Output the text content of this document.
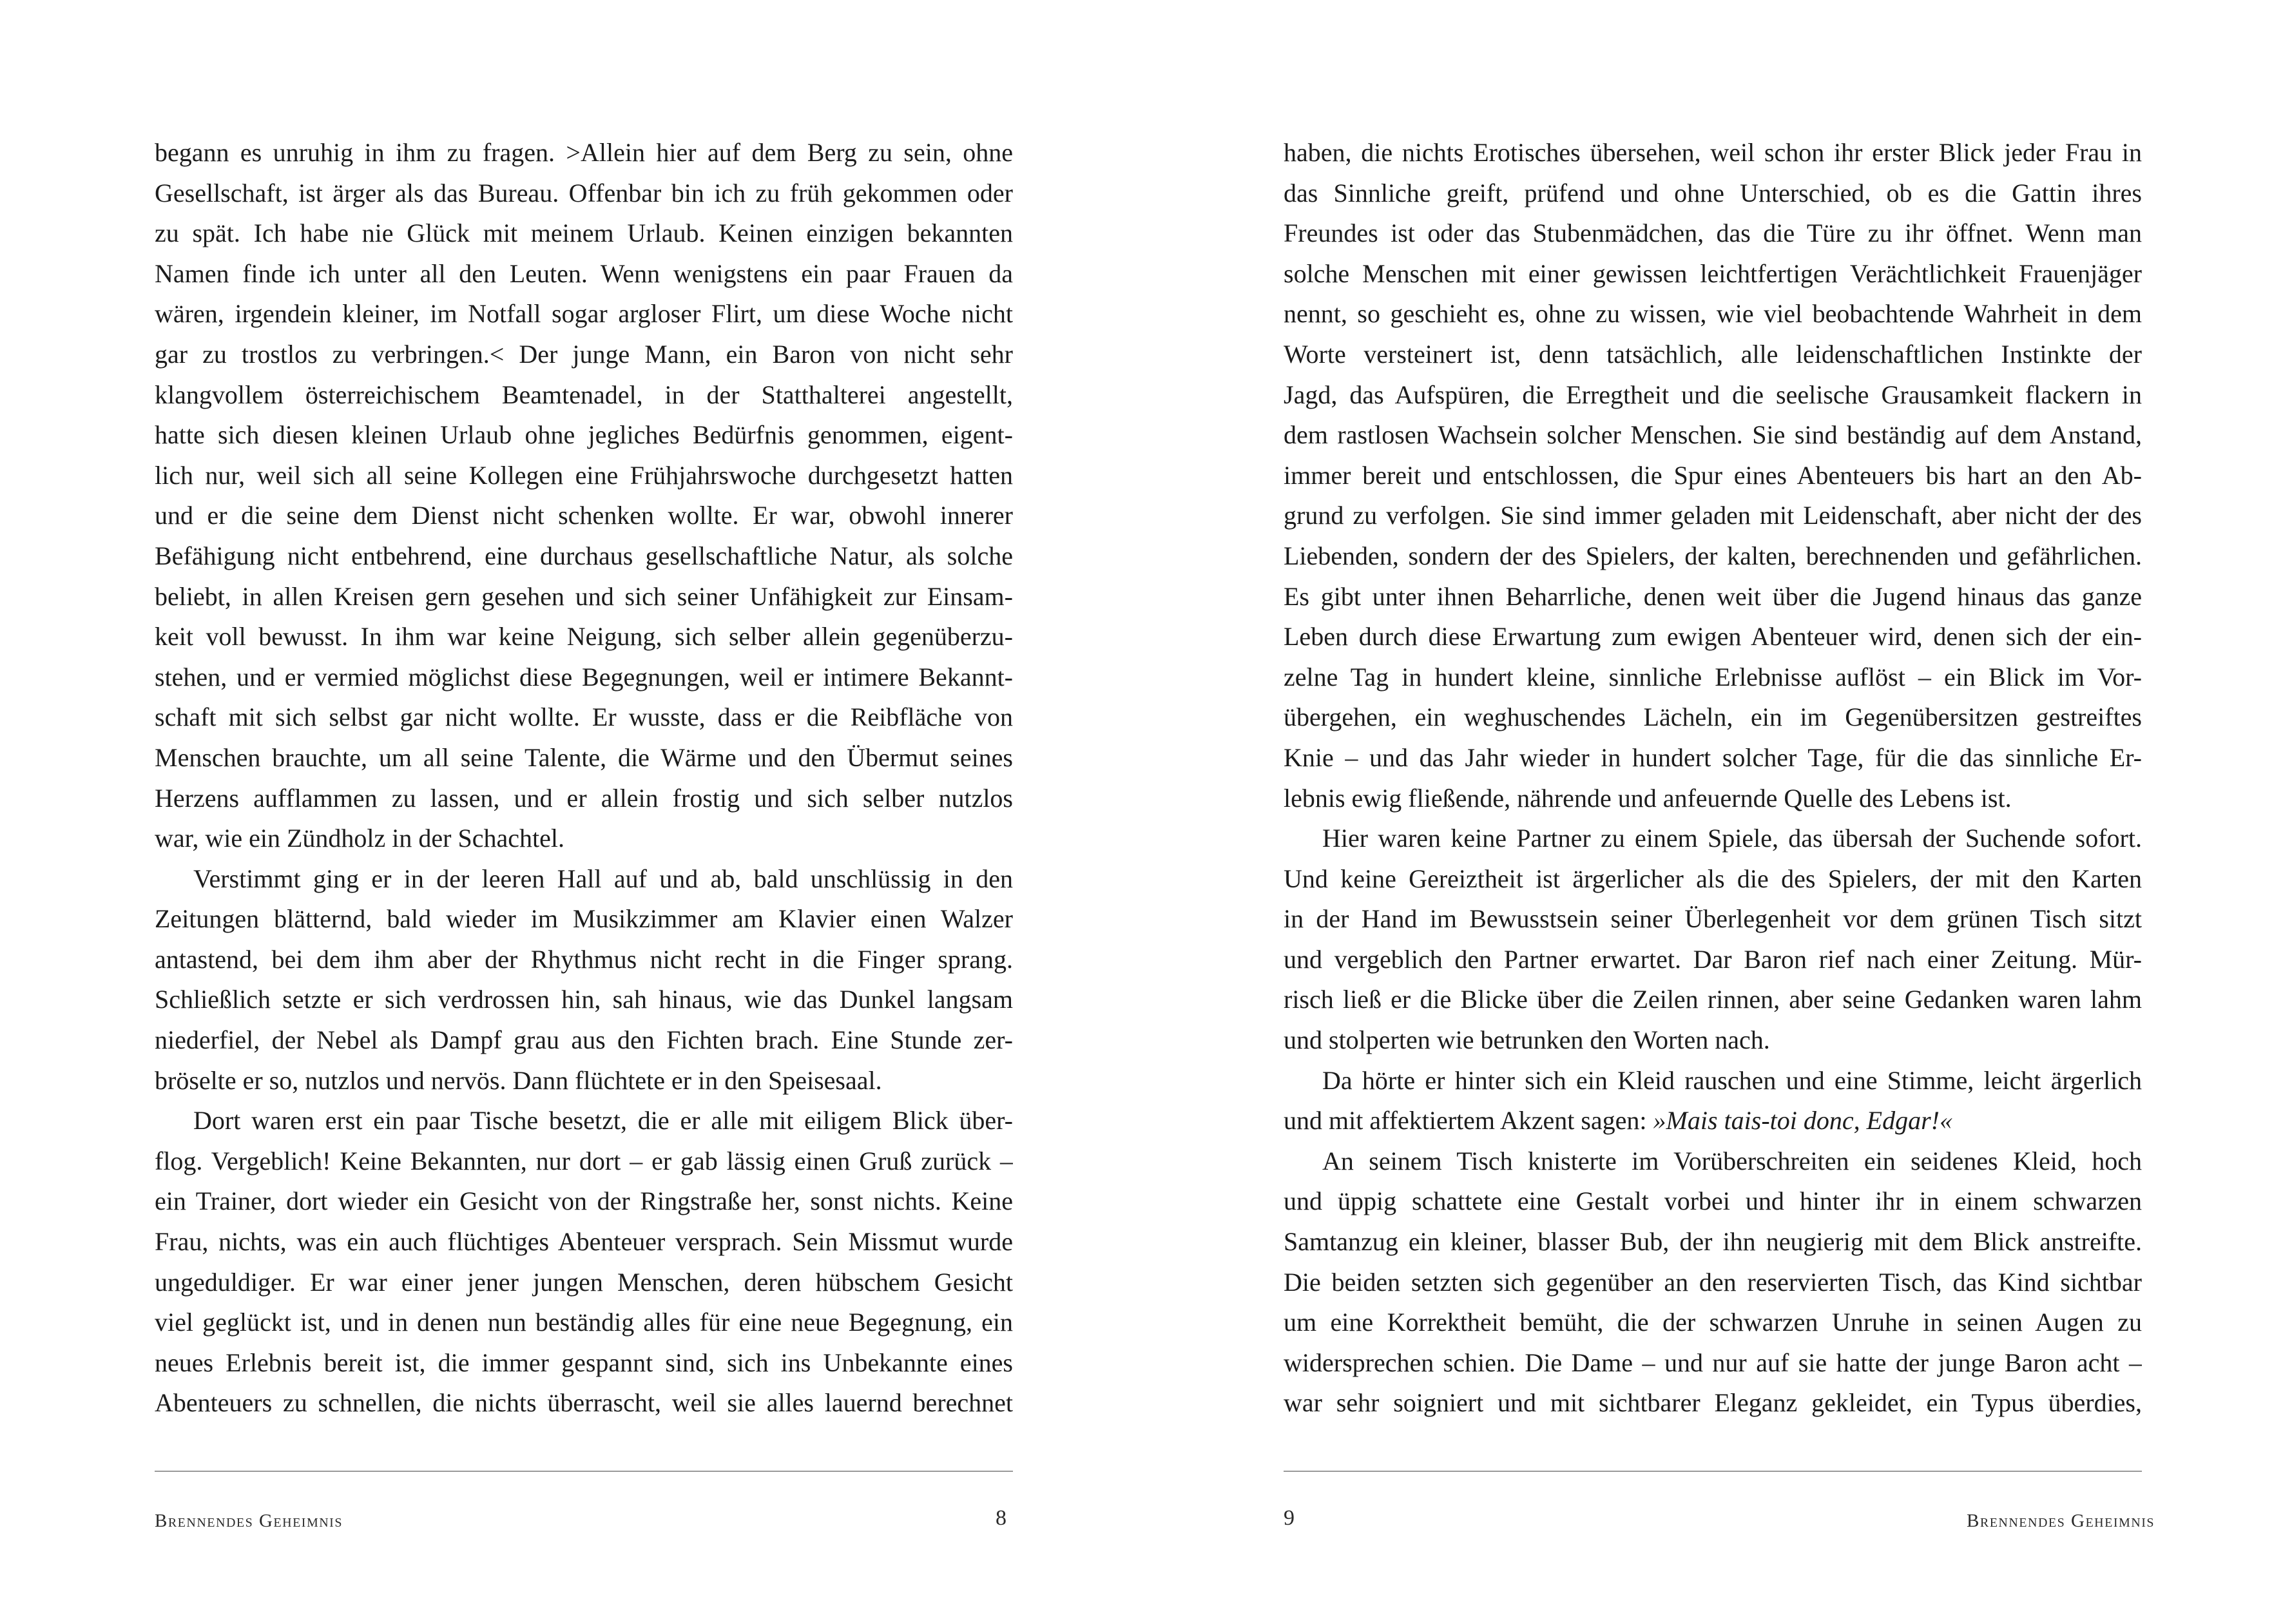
begann es unruhig in ihm zu fragen. >Allein hier auf dem Berg zu sein, ohne
Gesellschaft, ist ärger als das Bureau. Offenbar bin ich zu früh gekommen oder
zu spät. Ich habe nie Glück mit meinem Urlaub. Keinen einzigen bekannten
Namen finde ich unter all den Leuten. Wenn wenigstens ein paar Frauen da
wären, irgendein kleiner, im Notfall sogar argloser Flirt, um diese Woche nicht
gar zu trostlos zu verbringen.< Der junge Mann, ein Baron von nicht sehr
klangvollem österreichischem Beamtenadel, in der Statthalterei angestellt,
hatte sich diesen kleinen Urlaub ohne jegliches Bedürfnis genommen, eigent-
lich nur, weil sich all seine Kollegen eine Frühjahrswoche durchgesetzt hatten
und er die seine dem Dienst nicht schenken wollte. Er war, obwohl innerer
Befähigung nicht entbehrend, eine durchaus gesellschaftliche Natur, als solche
beliebt, in allen Kreisen gern gesehen und sich seiner Unfähigkeit zur Einsam-
keit voll bewusst. In ihm war keine Neigung, sich selber allein gegenüberzu-
stehen, und er vermied möglichst diese Begegnungen, weil er intimere Bekannt-
schaft mit sich selbst gar nicht wollte. Er wusste, dass er die Reibfläche von
Menschen brauchte, um all seine Talente, die Wärme und den Übermut seines
Herzens aufflammen zu lassen, und er allein frostig und sich selber nutzlos
war, wie ein Zündholz in der Schachtel.
Verstimmt ging er in der leeren Hall auf und ab, bald unschlüssig in den
Zeitungen blätternd, bald wieder im Musikzimmer am Klavier einen Walzer
antastend, bei dem ihm aber der Rhythmus nicht recht in die Finger sprang.
Schließlich setzte er sich verdrossen hin, sah hinaus, wie das Dunkel langsam
niederfiel, der Nebel als Dampf grau aus den Fichten brach. Eine Stunde zer-
bröselte er so, nutzlos und nervös. Dann flüchtete er in den Speisesaal.
Dort waren erst ein paar Tische besetzt, die er alle mit eiligem Blick über-
flog. Vergeblich! Keine Bekannten, nur dort – er gab lässig einen Gruß zurück –
ein Trainer, dort wieder ein Gesicht von der Ringstraße her, sonst nichts. Keine
Frau, nichts, was ein auch flüchtiges Abenteuer versprach. Sein Missmut wurde
ungeduldiger. Er war einer jener jungen Menschen, deren hübschem Gesicht
viel geglückt ist, und in denen nun beständig alles für eine neue Begegnung, ein
neues Erlebnis bereit ist, die immer gespannt sind, sich ins Unbekannte eines
Abenteuers zu schnellen, die nichts überrascht, weil sie alles lauernd berechnet
Brennendes Geheimnis	8
haben, die nichts Erotisches übersehen, weil schon ihr erster Blick jeder Frau in
das Sinnliche greift, prüfend und ohne Unterschied, ob es die Gattin ihres
Freundes ist oder das Stubenmädchen, das die Türe zu ihr öffnet. Wenn man
solche Menschen mit einer gewissen leichtfertigen Verächtlichkeit Frauenjäger
nennt, so geschieht es, ohne zu wissen, wie viel beobachtende Wahrheit in dem
Worte versteinert ist, denn tatsächlich, alle leidenschaftlichen Instinkte der
Jagd, das Aufspüren, die Erregtheit und die seelische Grausamkeit flackern in
dem rastlosen Wachsein solcher Menschen. Sie sind beständig auf dem Anstand,
immer bereit und entschlossen, die Spur eines Abenteuers bis hart an den Ab-
grund zu verfolgen. Sie sind immer geladen mit Leidenschaft, aber nicht der des
Liebenden, sondern der des Spielers, der kalten, berechnenden und gefährlichen.
Es gibt unter ihnen Beharrliche, denen weit über die Jugend hinaus das ganze
Leben durch diese Erwartung zum ewigen Abenteuer wird, denen sich der ein-
zelne Tag in hundert kleine, sinnliche Erlebnisse auflöst – ein Blick im Vor-
übergehen, ein weghuschendes Lächeln, ein im Gegenübersitzen gestreiftes
Knie – und das Jahr wieder in hundert solcher Tage, für die das sinnliche Er-
lebnis ewig fließende, nährende und anfeuernde Quelle des Lebens ist.
Hier waren keine Partner zu einem Spiele, das übersah der Suchende sofort.
Und keine Gereiztheit ist ärgerlicher als die des Spielers, der mit den Karten
in der Hand im Bewusstsein seiner Überlegenheit vor dem grünen Tisch sitzt
und vergeblich den Partner erwartet. Dar Baron rief nach einer Zeitung. Mür-
risch ließ er die Blicke über die Zeilen rinnen, aber seine Gedanken waren lahm
und stolperten wie betrunken den Worten nach.
Da hörte er hinter sich ein Kleid rauschen und eine Stimme, leicht ärgerlich
und mit affektiertem Akzent sagen: »Mais tais-toi donc, Edgar!«
An seinem Tisch knisterte im Vorüberschreiten ein seidenes Kleid, hoch
und üppig schattete eine Gestalt vorbei und hinter ihr in einem schwarzen
Samtanzug ein kleiner, blasser Bub, der ihn neugierig mit dem Blick anstreifte.
Die beiden setzten sich gegenüber an den reservierten Tisch, das Kind sichtbar
um eine Korrektheit bemüht, die der schwarzen Unruhe in seinen Augen zu
widersprechen schien. Die Dame – und nur auf sie hatte der junge Baron acht –
war sehr soigniert und mit sichtbarer Eleganz gekleidet, ein Typus überdies,
9	Brennendes Geheimnis
